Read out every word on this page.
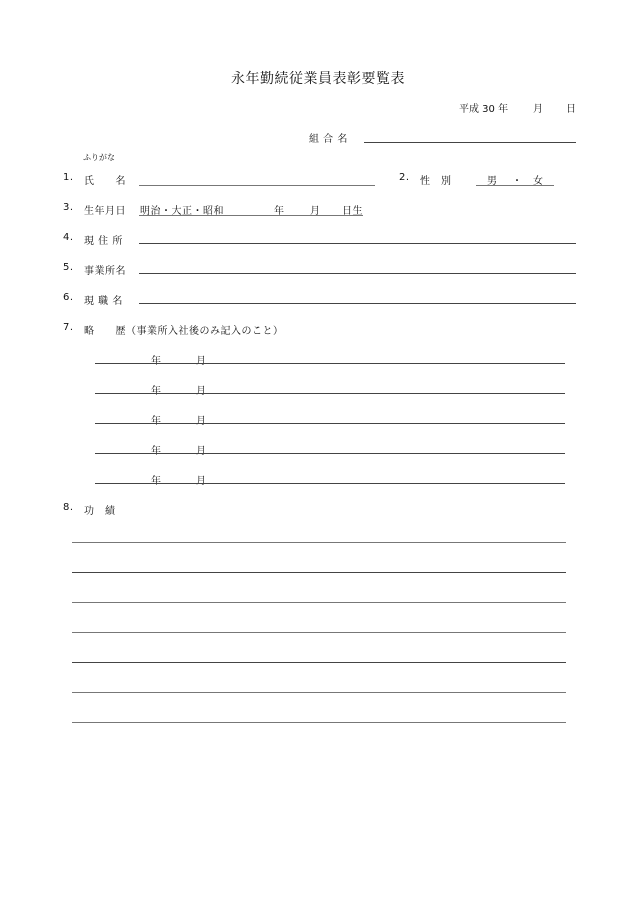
永年勤続従業員表彰要覧表
平成 30 年 月 日
組 合 名
ふりがな
1. 氏　　名	2. 性　別	男 ・ 女
3. 生年月日 明治・大正・昭和	年	月 日生
4. 現 住 所
5. 事業所名
6. 現 職 名
7. 略　　歴（事業所入社後のみ記入のこと）
年	月
年	月
年	月
年	月
年	月
8. 功　績
